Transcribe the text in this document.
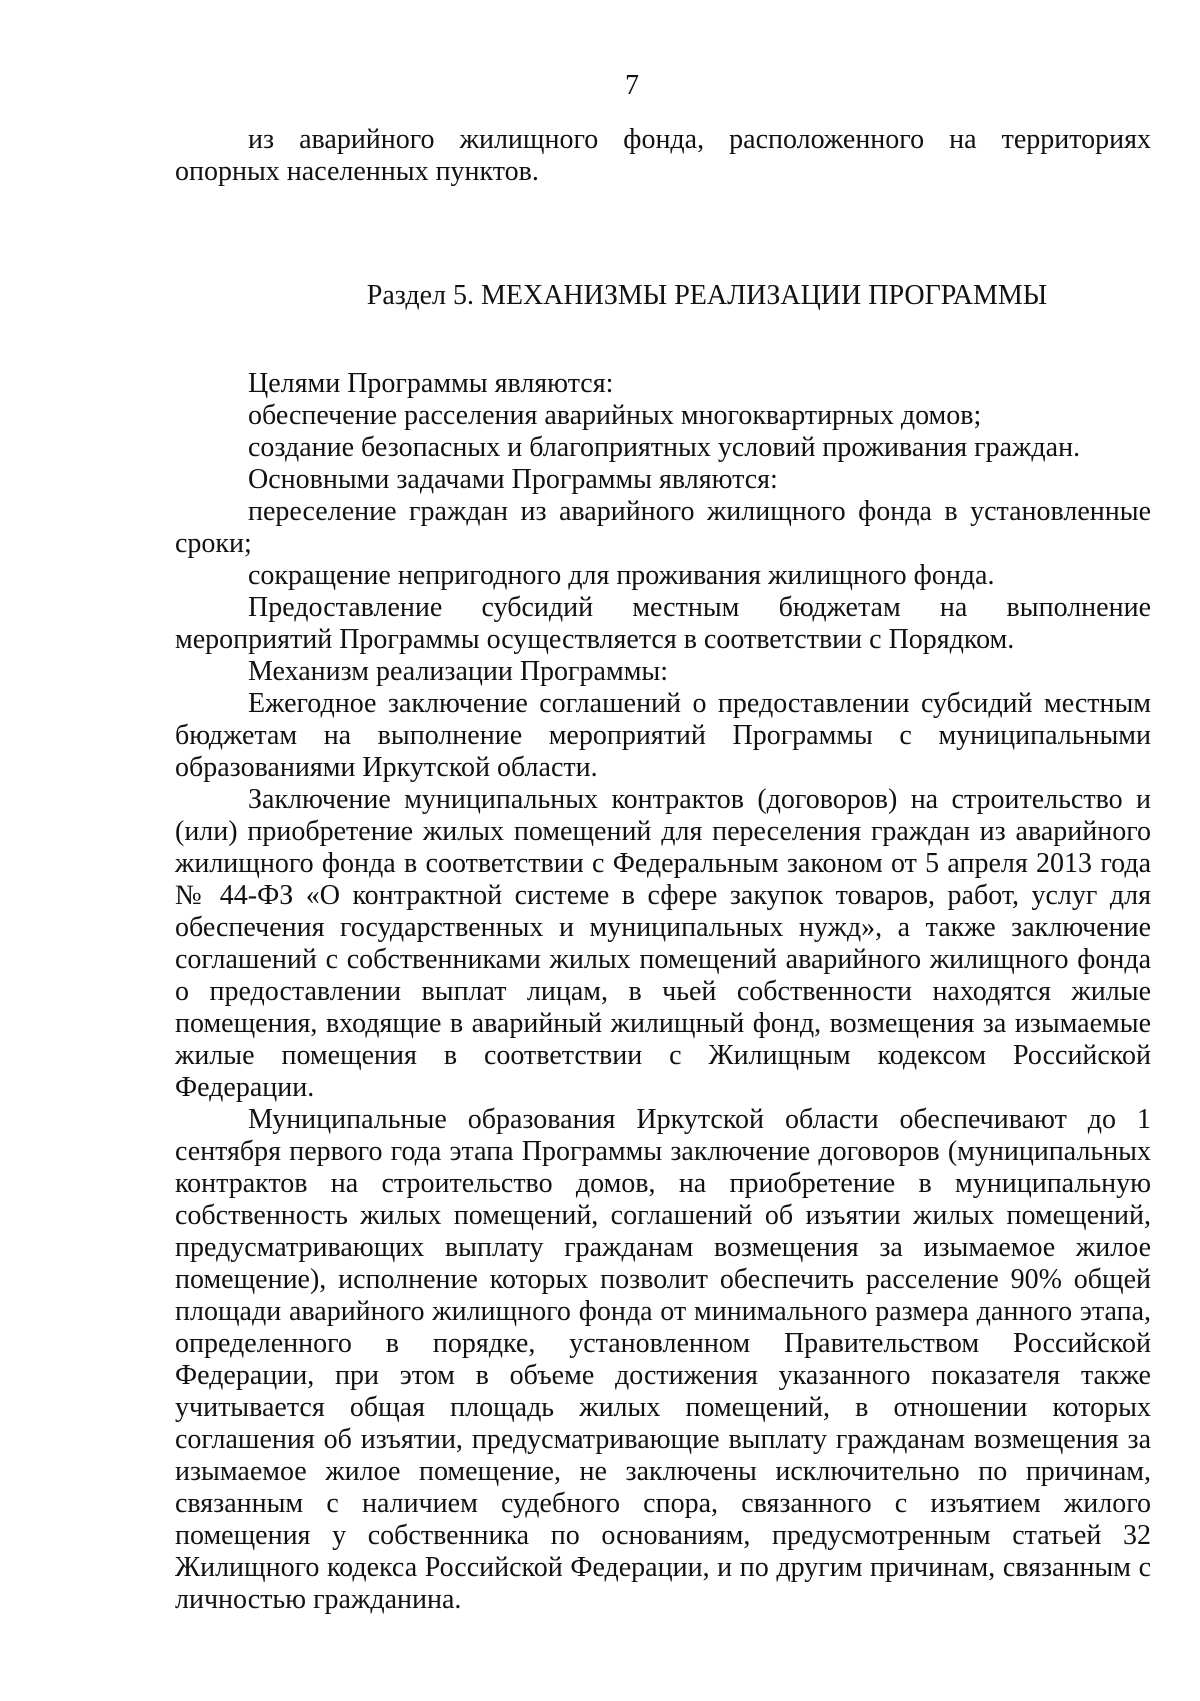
7

из аварийного жилищного фонда, расположенного на территориях опорных населенных пунктов.

Раздел 5. МЕХАНИЗМЫ РЕАЛИЗАЦИИ ПРОГРАММЫ

Целями Программы являются:

обеспечение расселения аварийных многоквартирных домов;

создание безопасных и благоприятных условий проживания граждан.

Основными задачами Программы являются:

переселение граждан из аварийного жилищного фонда в установленные сроки;

сокращение непригодного для проживания жилищного фонда.

Предоставление субсидий местным бюджетам на выполнение мероприятий Программы осуществляется в соответствии с Порядком.

Механизм реализации Программы:

Ежегодное заключение соглашений о предоставлении субсидий местным бюджетам на выполнение мероприятий Программы с муниципальными образованиями Иркутской области.

Заключение муниципальных контрактов (договоров) на строительство и (или) приобретение жилых помещений для переселения граждан из аварийного жилищного фонда в соответствии с Федеральным законом от 5 апреля 2013 года № 44-ФЗ «О контрактной системе в сфере закупок товаров, работ, услуг для обеспечения государственных и муниципальных нужд», а также заключение соглашений с собственниками жилых помещений аварийного жилищного фонда о предоставлении выплат лицам, в чьей собственности находятся жилые помещения, входящие в аварийный жилищный фонд, возмещения за изымаемые жилые помещения в соответствии с Жилищным кодексом Российской Федерации.

Муниципальные образования Иркутской области обеспечивают до 1 сентября первого года этапа Программы заключение договоров (муниципальных контрактов на строительство домов, на приобретение в муниципальную собственность жилых помещений, соглашений об изъятии жилых помещений, предусматривающих выплату гражданам возмещения за изымаемое жилое помещение), исполнение которых позволит обеспечить расселение 90% общей площади аварийного жилищного фонда от минимального размера данного этапа, определенного в порядке, установленном Правительством Российской Федерации, при этом в объеме достижения указанного показателя также учитывается общая площадь жилых помещений, в отношении которых соглашения об изъятии, предусматривающие выплату гражданам возмещения за изымаемое жилое помещение, не заключены исключительно по причинам, связанным с наличием судебного спора, связанного с изъятием жилого помещения у собственника по основаниям, предусмотренным статьей 32 Жилищного кодекса Российской Федерации, и по другим причинам, связанным с личностью гражданина.
